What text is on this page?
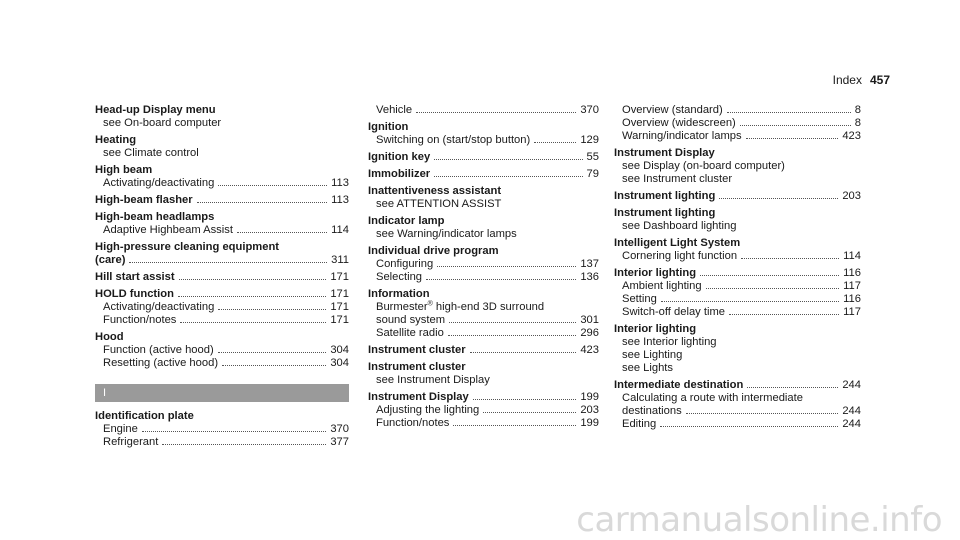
Index 457
Head-up Display menu
see On-board computer
Heating
see Climate control
High beam
Activating/deactivating	113
High-beam flasher	113
High-beam headlamps
Adaptive Highbeam Assist	114
High-pressure cleaning equipment
(care)	311
Hill start assist	171
HOLD function	171
Activating/deactivating	171
Function/notes	171
Hood
Function (active hood)	304
Resetting (active hood)	304
I
Identification plate
Engine	370
Refrigerant	377
Vehicle	370
Ignition
Switching on (start/stop button)	129
Ignition key	55
Immobilizer	79
Inattentiveness assistant
see ATTENTION ASSIST
Indicator lamp
see Warning/indicator lamps
Individual drive program
Configuring	137
Selecting	136
Information
Burmester® high-end 3D surround
sound system	301
Satellite radio	296
Instrument cluster	423
Instrument cluster
see Instrument Display
Instrument Display	199
Adjusting the lighting	203
Function/notes	199
Overview (standard)	8
Overview (widescreen)	8
Warning/indicator lamps	423
Instrument Display
see Display (on-board computer)
see Instrument cluster
Instrument lighting	203
Instrument lighting
see Dashboard lighting
Intelligent Light System
Cornering light function	114
Interior lighting	116
Ambient lighting	117
Setting	116
Switch-off delay time	117
Interior lighting
see Interior lighting
see Lighting
see Lights
Intermediate destination	244
Calculating a route with intermediate
destinations	244
Editing	244
carmanualsonline.info
